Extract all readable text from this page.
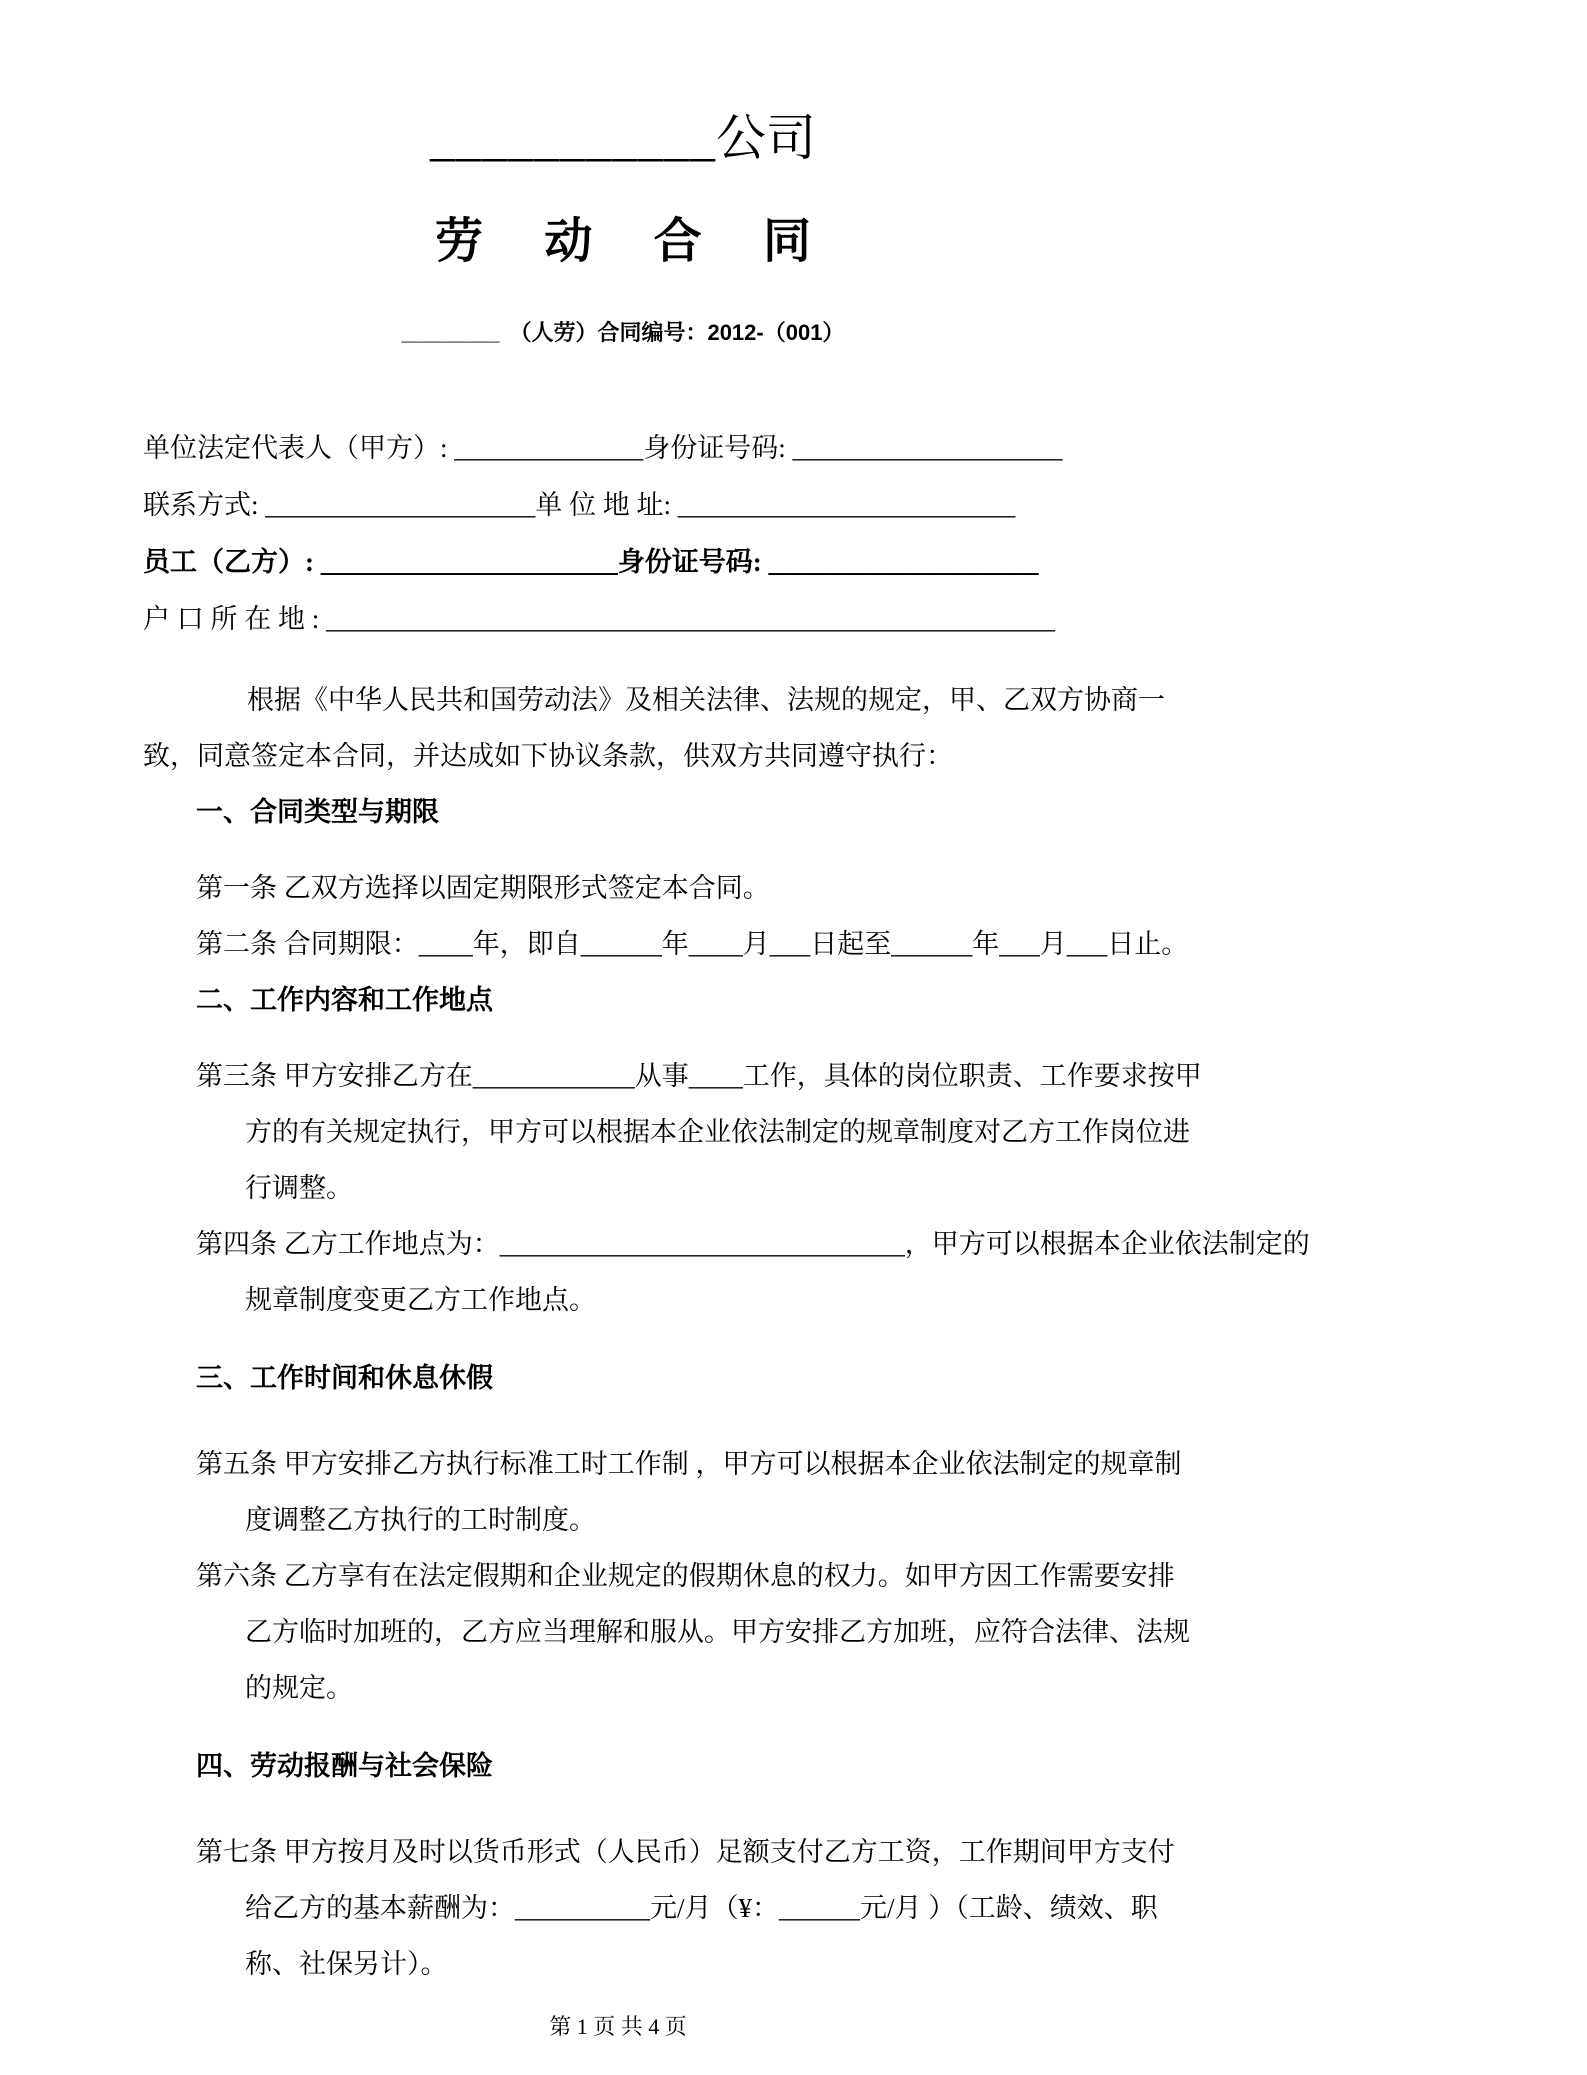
___________公司
劳 动 合 同
________ （人劳）合同编号：2012-（001）
单位法定代表人（甲方）: ______________身份证号码: ____________________
联系方式: ____________________单 位 地 址: _________________________
员工（乙方）: ______________________身份证号码: ____________________
户 口 所 在 地 : ______________________________________________________
根据《中华人民共和国劳动法》及相关法律、法规的规定，甲、乙双方协商一
致，同意签定本合同，并达成如下协议条款，供双方共同遵守执行：
一、合同类型与期限
第一条 乙双方选择以固定期限形式签定本合同。
第二条 合同期限：____年，即自______年____月___日起至______年___月___日止。
二、工作内容和工作地点
第三条 甲方安排乙方在____________从事____工作，具体的岗位职责、工作要求按甲
方的有关规定执行，甲方可以根据本企业依法制定的规章制度对乙方工作岗位进
行调整。
第四条 乙方工作地点为：______________________________，甲方可以根据本企业依法制定的
规章制度变更乙方工作地点。
三、工作时间和休息休假
第五条 甲方安排乙方执行标准工时工作制 ，甲方可以根据本企业依法制定的规章制
度调整乙方执行的工时制度。
第六条 乙方享有在法定假期和企业规定的假期休息的权力。如甲方因工作需要安排
乙方临时加班的，乙方应当理解和服从。甲方安排乙方加班，应符合法律、法规
的规定。
四、劳动报酬与社会保险
第七条 甲方按月及时以货币形式（人民币）足额支付乙方工资，工作期间甲方支付
给乙方的基本薪酬为：__________元/月（¥：______元/月 ）（工龄、绩效、职
称、社保另计）。
第 1 页 共 4 页
